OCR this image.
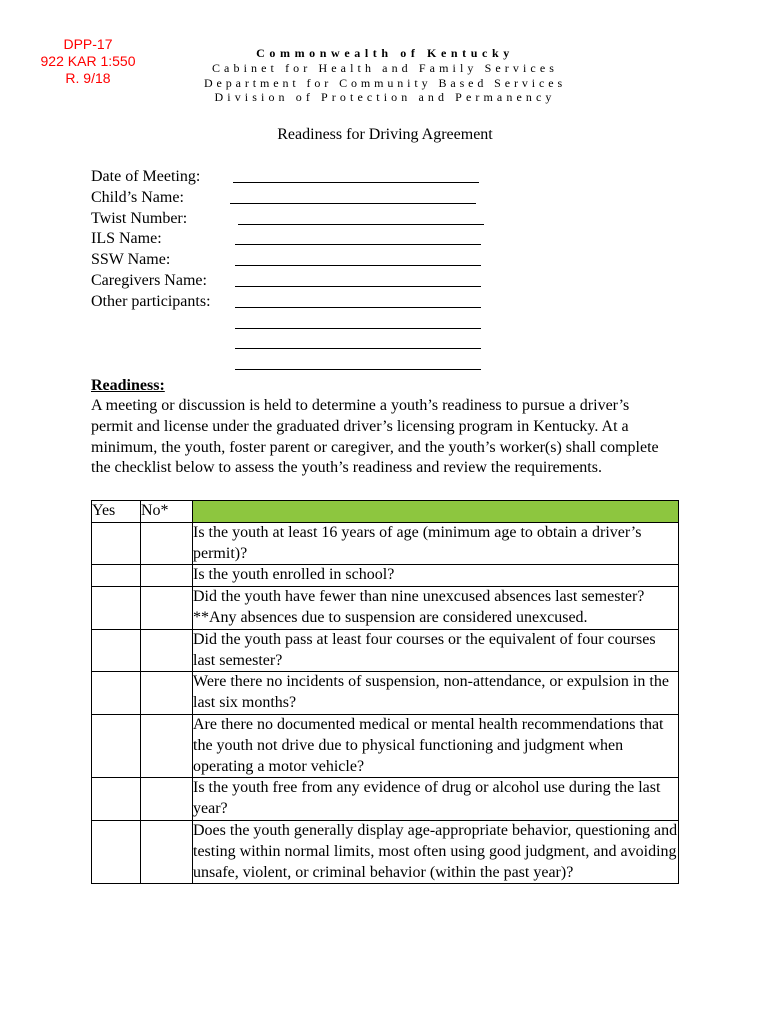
DPP-17
922 KAR 1:550
R. 9/18
Commonwealth of Kentucky
Cabinet for Health and Family Services
Department for Community Based Services
Division of Protection and Permanency
Readiness for Driving Agreement
Date of Meeting:
Child’s Name:
Twist Number:
ILS Name:
SSW Name:
Caregivers Name:
Other participants:
Readiness:

A meeting or discussion is held to determine a youth’s readiness to pursue a driver’s permit and license under the graduated driver’s licensing program in Kentucky. At a minimum, the youth, foster parent or caregiver, and the youth’s worker(s) shall complete the checklist below to assess the youth’s readiness and review the requirements.

Yes	No*	
		Is the youth at least 16 years of age (minimum age to obtain a driver’s permit)?
		Is the youth enrolled in school?
		Did the youth have fewer than nine unexcused absences last semester? **Any absences due to suspension are considered unexcused.
		Did the youth pass at least four courses or the equivalent of four courses last semester?
		Were there no incidents of suspension, non-attendance, or expulsion in the last six months?
		Are there no documented medical or mental health recommendations that the youth not drive due to physical functioning and judgment when operating a motor vehicle?
		Is the youth free from any evidence of drug or alcohol use during the last year?
		Does the youth generally display age-appropriate behavior, questioning and testing within normal limits, most often using good judgment, and avoiding unsafe, violent, or criminal behavior (within the past year)?
